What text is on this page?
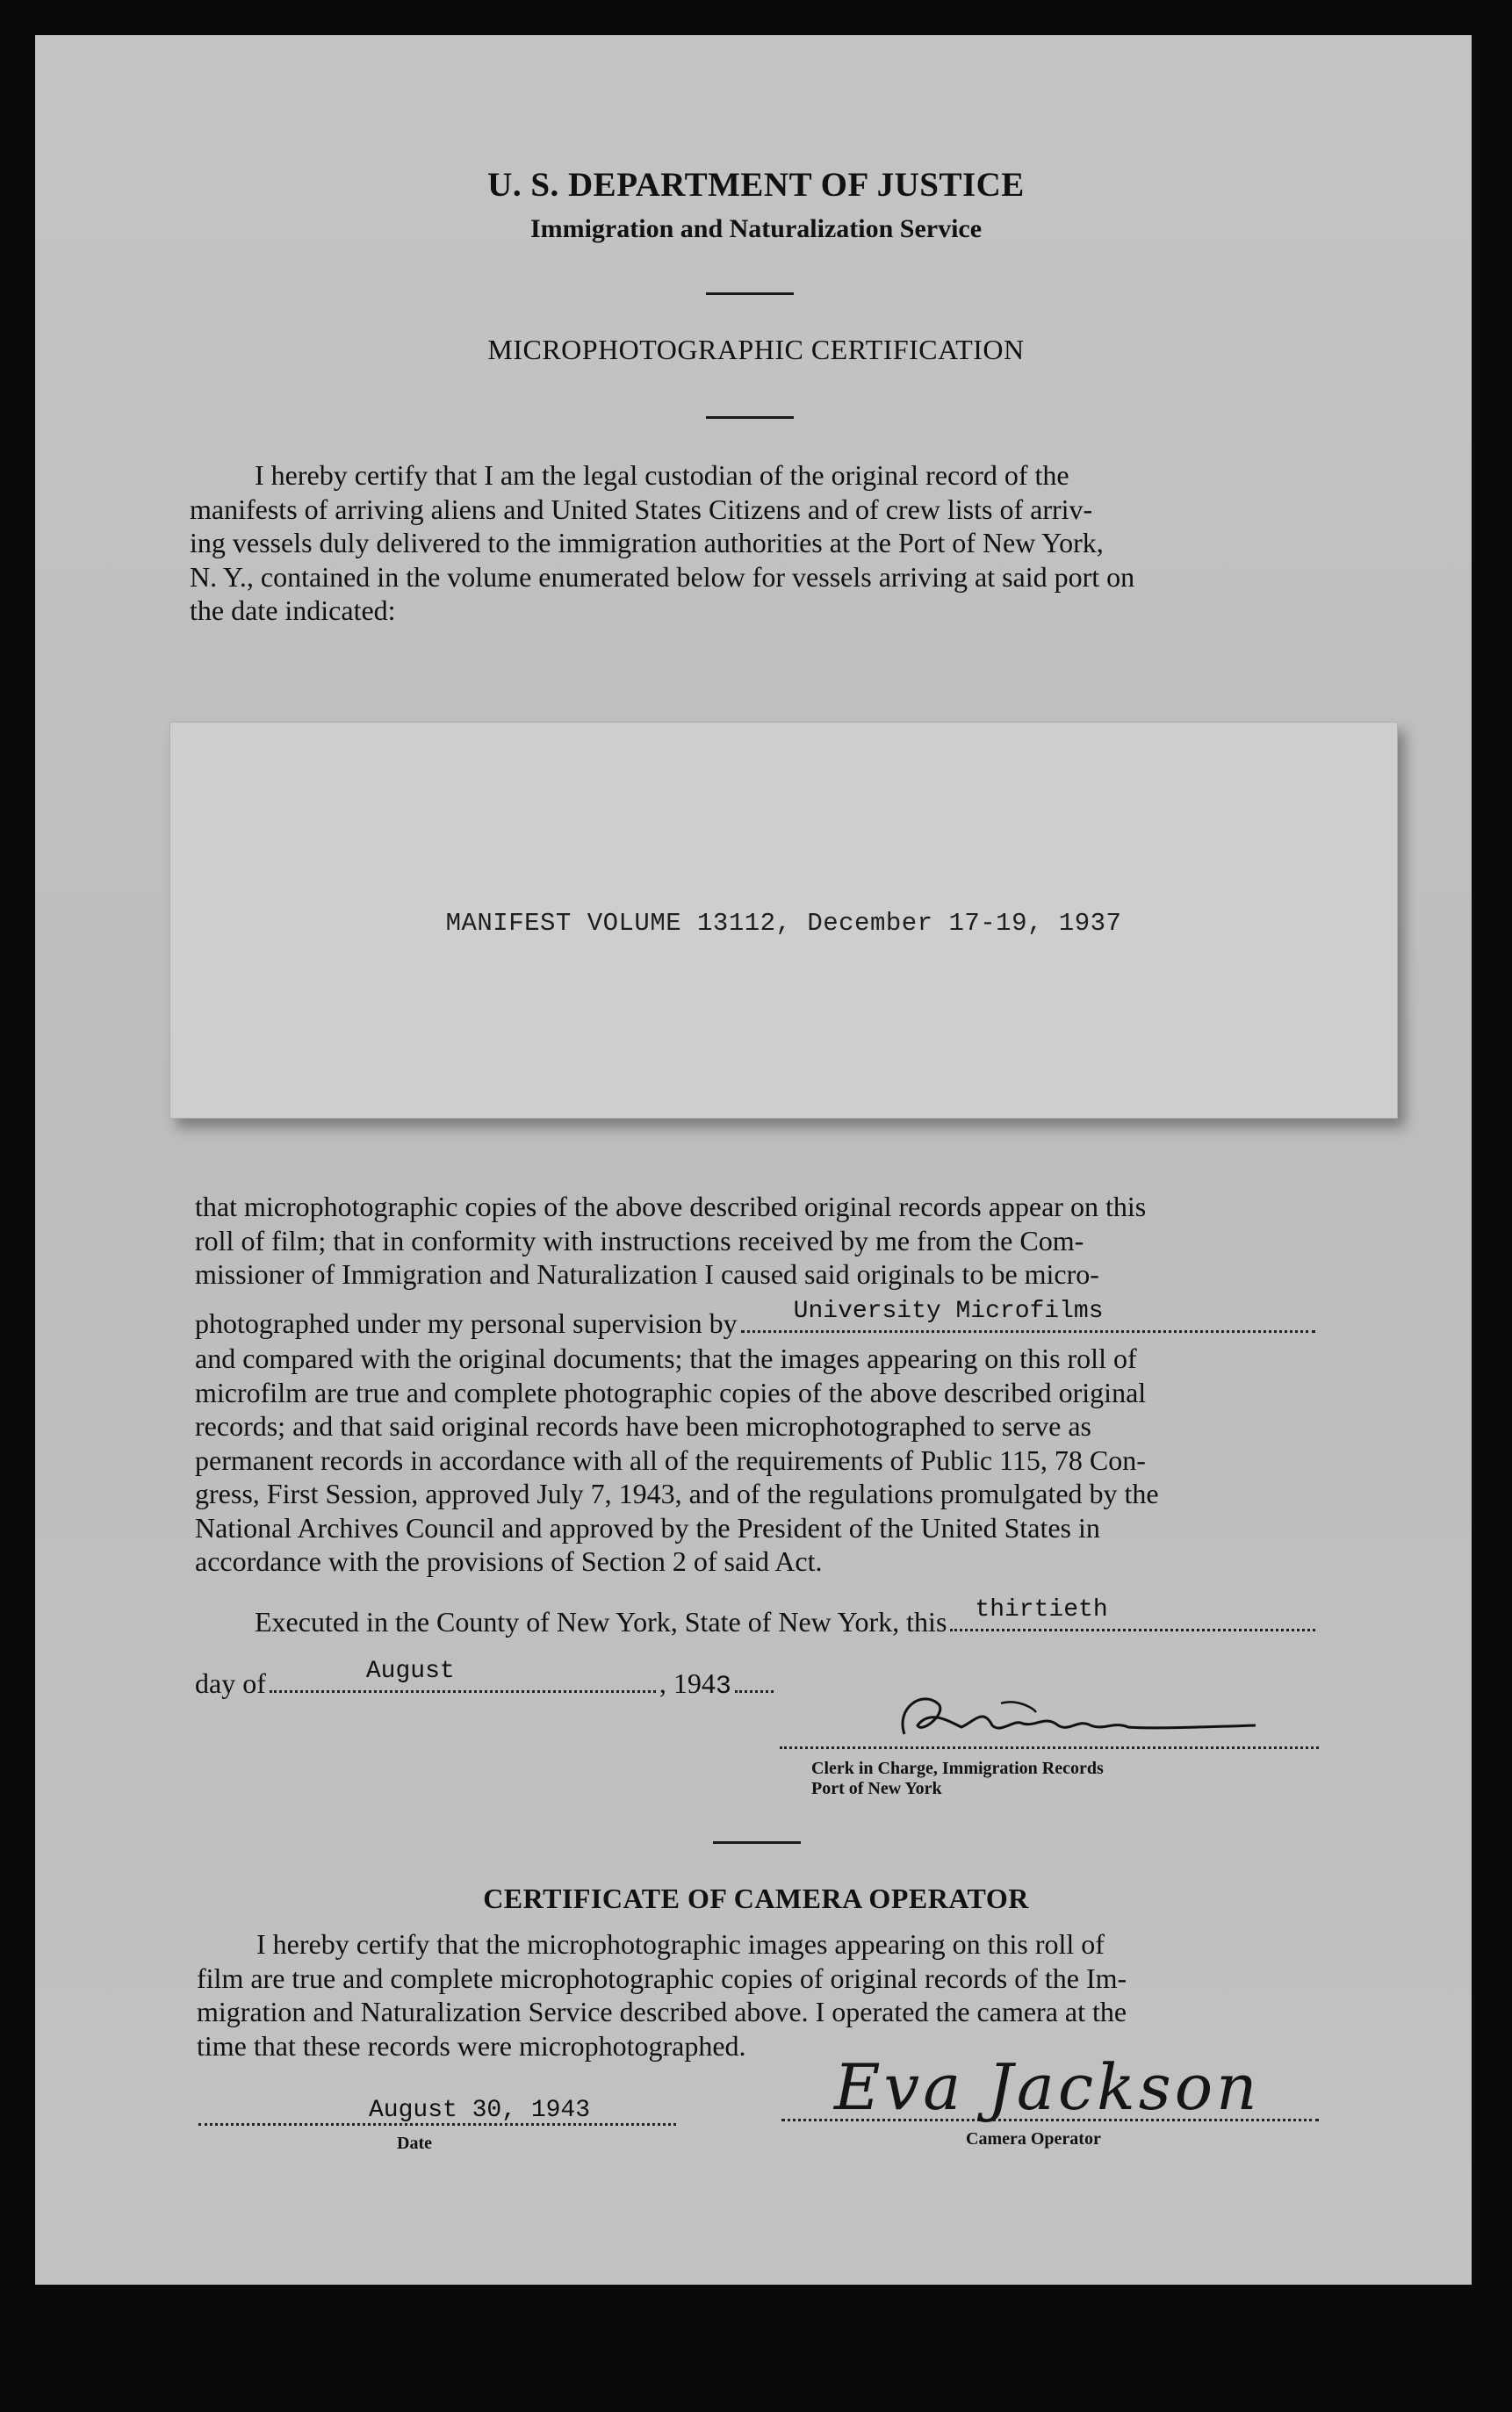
U. S. DEPARTMENT OF JUSTICE
Immigration and Naturalization Service
MICROPHOTOGRAPHIC CERTIFICATION
I hereby certify that I am the legal custodian of the original record of the
manifests of arriving aliens and United States Citizens and of crew lists of arriv-
ing vessels duly delivered to the immigration authorities at the Port of New York,
N. Y., contained in the volume enumerated below for vessels arriving at said port on
the date indicated:
MANIFEST VOLUME 13112, December 17-19, 1937
that microphotographic copies of the above described original records appear on this
roll of film; that in conformity with instructions received by me from the Com-
missioner of Immigration and Naturalization I caused said originals to be micro-
photographed under my personal supervision by University Microfilms
and compared with the original documents; that the images appearing on this roll of
microfilm are true and complete photographic copies of the above described original
records; and that said original records have been microphotographed to serve as
permanent records in accordance with all of the requirements of Public 115, 78 Con-
gress, First Session, approved July 7, 1943, and of the regulations promulgated by the
National Archives Council and approved by the President of the United States in
accordance with the provisions of Section 2 of said Act.
Executed in the County of New York, State of New York, this thirtieth
day of	August	, 194 3
Clerk in Charge, Immigration Records
Port of New York
CERTIFICATE OF CAMERA OPERATOR
I hereby certify that the microphotographic images appearing on this roll of
film are true and complete microphotographic copies of original records of the Im-
migration and Naturalization Service described above. I operated the camera at the
time that these records were microphotographed.
August 30, 1943
Date
Eva Jackson
Camera Operator
